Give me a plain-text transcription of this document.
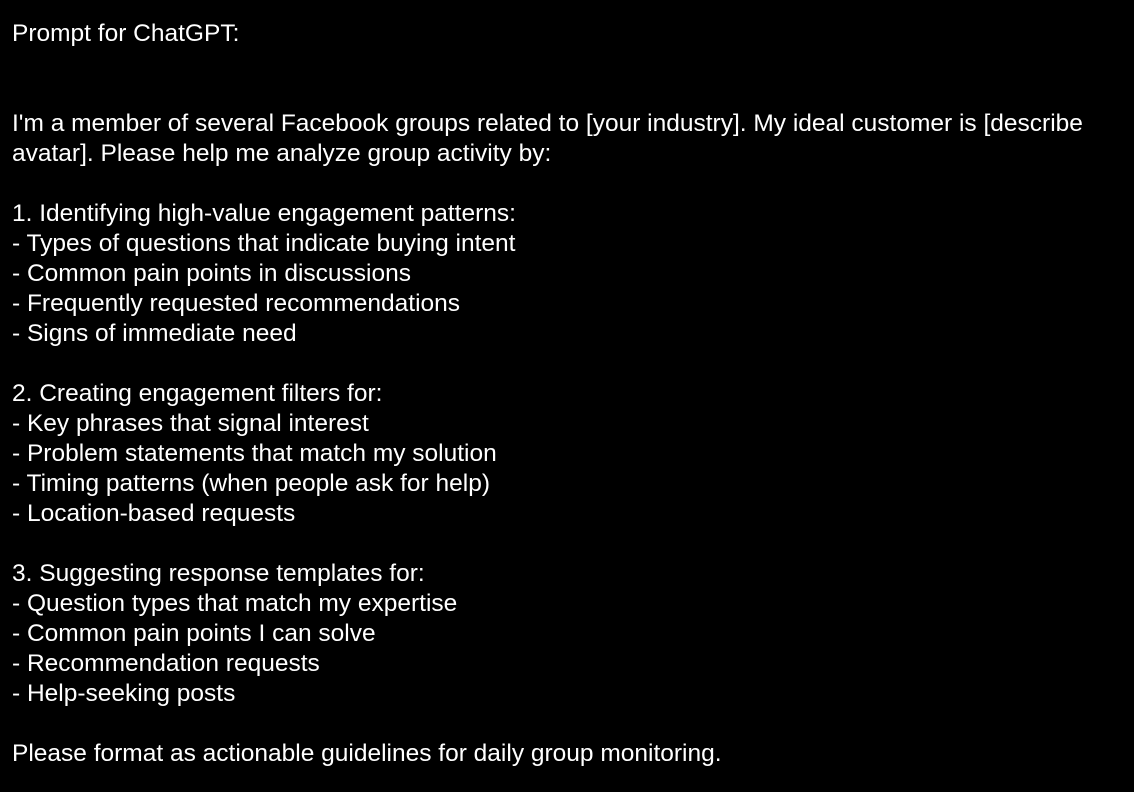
Prompt for ChatGPT:
I'm a member of several Facebook groups related to [your industry]. My ideal customer is [describe avatar]. Please help me analyze group activity by:
1. Identifying high-value engagement patterns:
- Types of questions that indicate buying intent
- Common pain points in discussions
- Frequently requested recommendations
- Signs of immediate need
2. Creating engagement filters for:
- Key phrases that signal interest
- Problem statements that match my solution
- Timing patterns (when people ask for help)
- Location-based requests
3. Suggesting response templates for:
- Question types that match my expertise
- Common pain points I can solve
- Recommendation requests
- Help-seeking posts
Please format as actionable guidelines for daily group monitoring.
